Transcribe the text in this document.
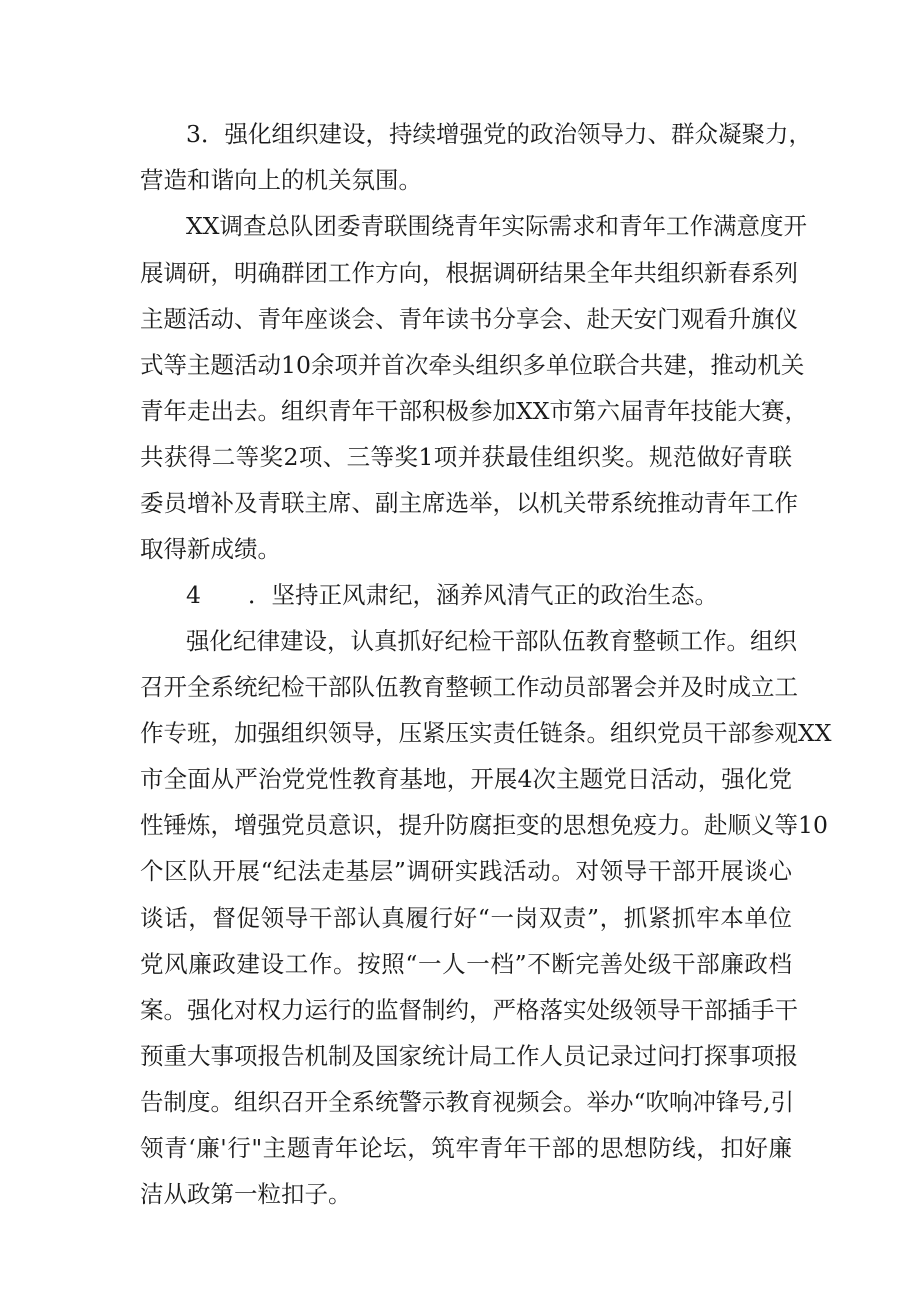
3．强化组织建设，持续增强党的政治领导力、群众凝聚力，
营造和谐向上的机关氛围。
XX调查总队团委青联围绕青年实际需求和青年工作满意度开
展调研，明确群团工作方向，根据调研结果全年共组织新春系列
主题活动、青年座谈会、青年读书分享会、赴天安门观看升旗仪
式等主题活动10余项并首次牵头组织多单位联合共建，推动机关
青年走出去。组织青年干部积极参加XX市第六届青年技能大赛，
共获得二等奖2项、三等奖1项并获最佳组织奖。规范做好青联
委员增补及青联主席、副主席选举，以机关带系统推动青年工作
取得新成绩。
4　　．坚持正风肃纪，涵养风清气正的政治生态。
强化纪律建设，认真抓好纪检干部队伍教育整顿工作。组织
召开全系统纪检干部队伍教育整顿工作动员部署会并及时成立工
作专班，加强组织领导，压紧压实责任链条。组织党员干部参观XX
市全面从严治党党性教育基地，开展4次主题党日活动，强化党
性锤炼，增强党员意识，提升防腐拒变的思想免疫力。赴顺义等10
个区队开展“纪法走基层”调研实践活动。对领导干部开展谈心
谈话，督促领导干部认真履行好“一岗双责”，抓紧抓牢本单位
党风廉政建设工作。按照“一人一档”不断完善处级干部廉政档
案。强化对权力运行的监督制约，严格落实处级领导干部插手干
预重大事项报告机制及国家统计局工作人员记录过问打探事项报
告制度。组织召开全系统警示教育视频会。举办“吹响冲锋号,引
领青‘廉'行"主题青年论坛，筑牢青年干部的思想防线，扣好廉
洁从政第一粒扣子。
